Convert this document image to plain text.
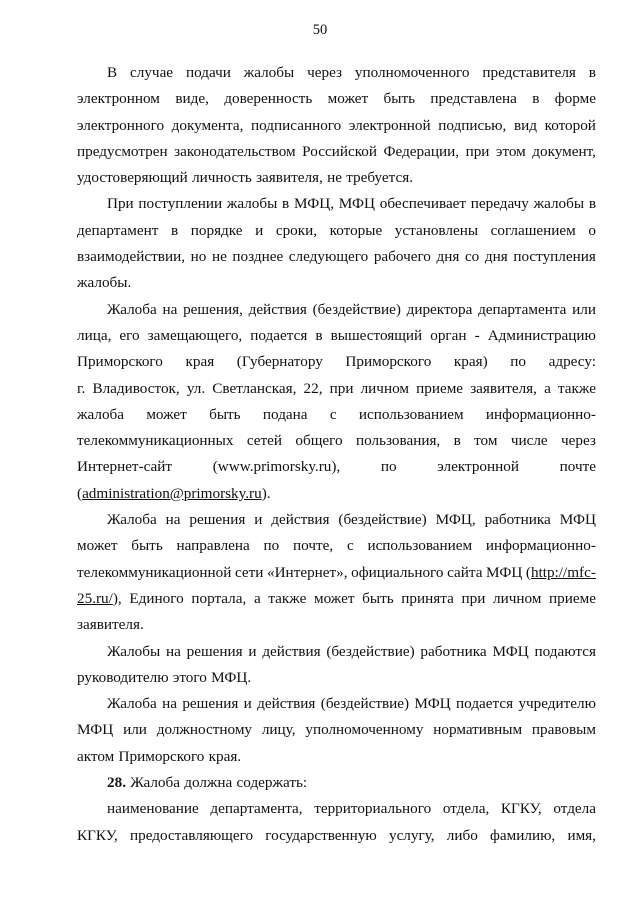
50
В случае подачи жалобы через уполномоченного представителя в
электронном виде, доверенность может быть представлена в форме
электронного документа, подписанного электронной подписью, вид которой
предусмотрен законодательством Российской Федерации, при этом документ,
удостоверяющий личность заявителя, не требуется.
При поступлении жалобы в МФЦ, МФЦ обеспечивает передачу жалобы в
департамент в порядке и сроки, которые установлены соглашением о
взаимодействии, но не позднее следующего рабочего дня со дня поступления
жалобы.
Жалоба на решения, действия (бездействие) директора департамента или
лица, его замещающего, подается в вышестоящий орган - Администрацию
Приморского края (Губернатору Приморского края) по адресу:
г. Владивосток, ул. Светланская, 22, при личном приеме заявителя, а также
жалоба может быть подана с использованием информационно-
телекоммуникационных сетей общего пользования, в том числе через
Интернет-сайт	(www.primorsky.ru),	по	электронной	почте
(administration@primorsky.ru).
Жалоба на решения и действия (бездействие) МФЦ, работника МФЦ
может быть направлена по почте, с использованием информационно-
телекоммуникационной сети «Интернет», официального сайта МФЦ (http://mfc-
25.ru/), Единого портала, а также может быть принята при личном приеме
заявителя.
Жалобы на решения и действия (бездействие) работника МФЦ подаются
руководителю этого МФЦ.
Жалоба на решения и действия (бездействие) МФЦ подается учредителю
МФЦ или должностному лицу, уполномоченному нормативным правовым
актом Приморского края.
28. Жалоба должна содержать:
наименование департамента, территориального отдела, КГКУ, отдела
КГКУ, предоставляющего государственную услугу, либо фамилию, имя,
